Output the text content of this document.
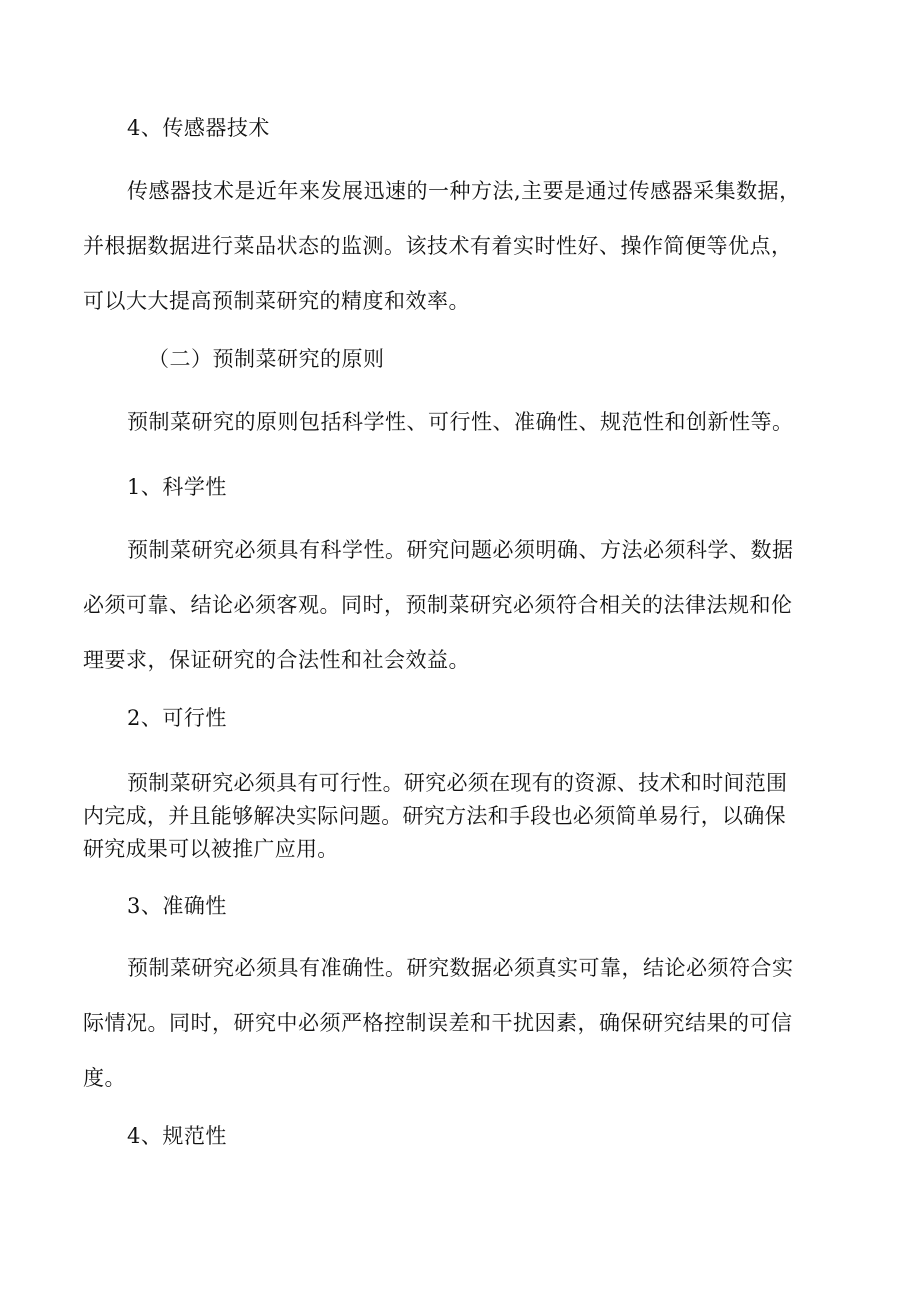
4、传感器技术
传感器技术是近年来发展迅速的一种方法,主要是通过传感器采集数据，
并根据数据进行菜品状态的监测。该技术有着实时性好、操作简便等优点，
可以大大提高预制菜研究的精度和效率。
（二）预制菜研究的原则
预制菜研究的原则包括科学性、可行性、准确性、规范性和创新性等。
1、科学性
预制菜研究必须具有科学性。研究问题必须明确、方法必须科学、数据
必须可靠、结论必须客观。同时，预制菜研究必须符合相关的法律法规和伦
理要求，保证研究的合法性和社会效益。
2、可行性
预制菜研究必须具有可行性。研究必须在现有的资源、技术和时间范围
内完成，并且能够解决实际问题。研究方法和手段也必须简单易行，以确保
研究成果可以被推广应用。
3、准确性
预制菜研究必须具有准确性。研究数据必须真实可靠，结论必须符合实
际情况。同时，研究中必须严格控制误差和干扰因素，确保研究结果的可信
度。
4、规范性
